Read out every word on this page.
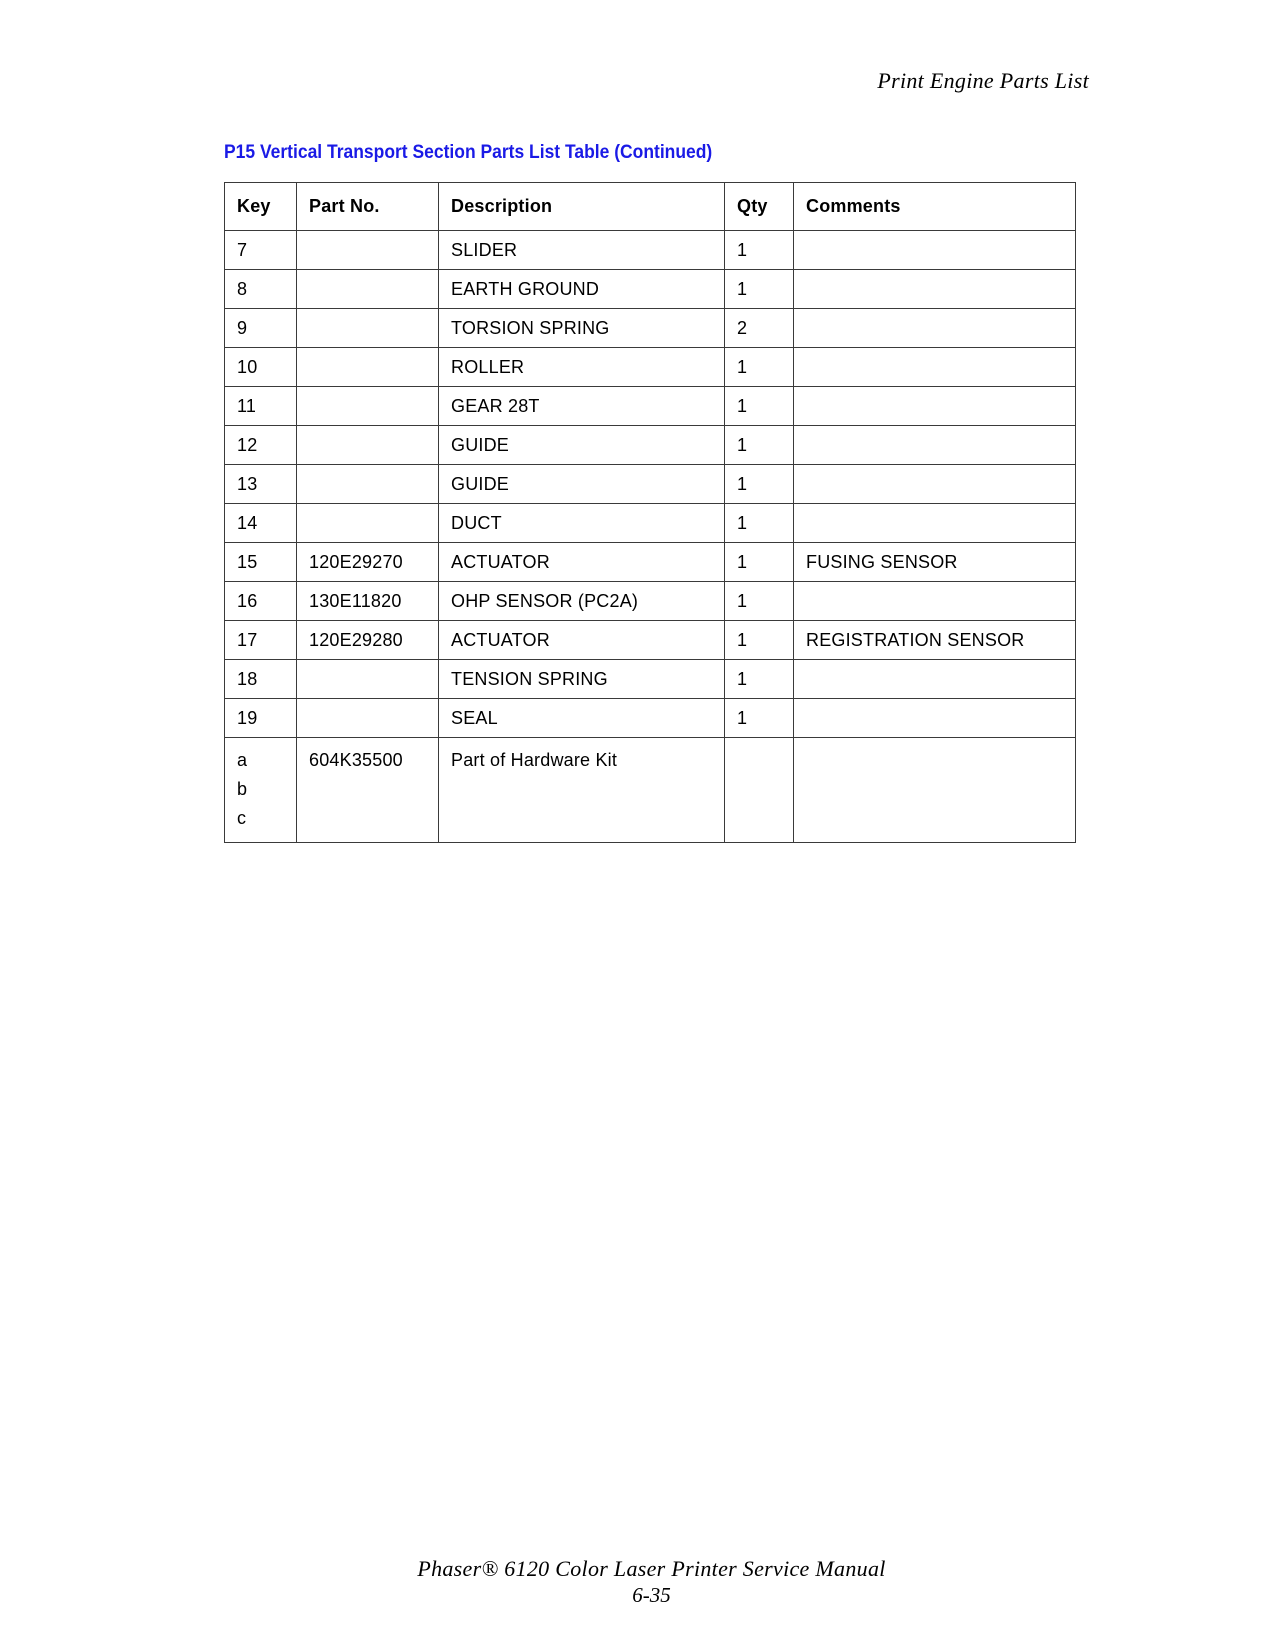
Print Engine Parts List
P15 Vertical Transport Section Parts List Table (Continued)
Key	Part No.	Description	Qty	Comments
7		SLIDER	1	
8		EARTH GROUND	1	
9		TORSION SPRING	2	
10		ROLLER	1	
11		GEAR 28T	1	
12		GUIDE	1	
13		GUIDE	1	
14		DUCT	1	
15	120E29270	ACTUATOR	1	FUSING SENSOR
16	130E11820	OHP SENSOR (PC2A)	1	
17	120E29280	ACTUATOR	1	REGISTRATION SENSOR
18		TENSION SPRING	1	
19		SEAL	1	

a
b
c	604K35500	Part of Hardware Kit		

Phaser® 6120 Color Laser Printer Service Manual
6-35
